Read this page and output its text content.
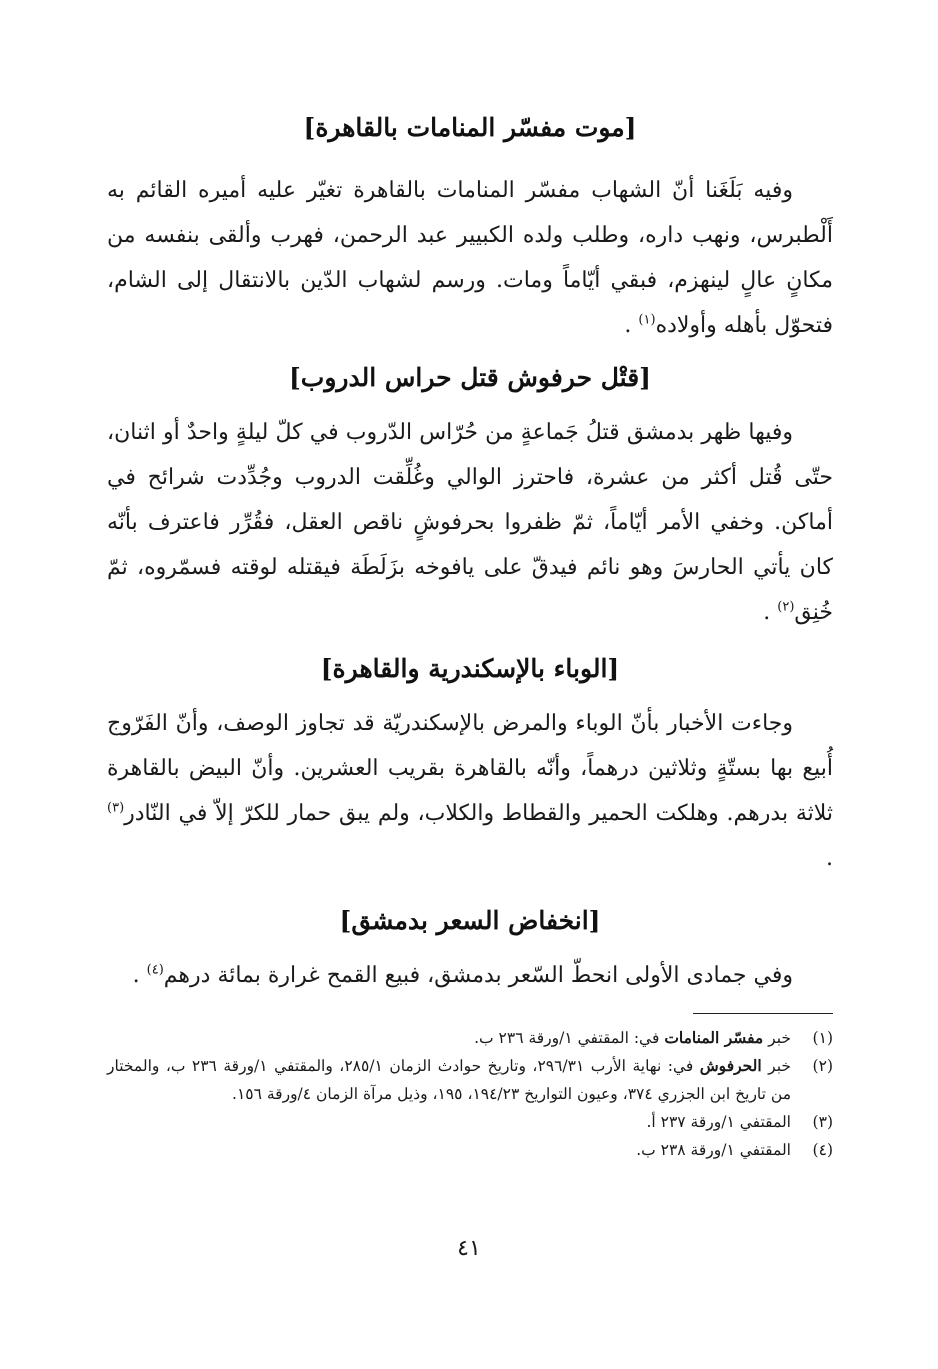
[موت مفسّر المنامات بالقاهرة]

وفيه بَلَغَنا أنّ الشهاب مفسّر المنامات بالقاهرة تغيّر عليه أميره القائم به أَلْطبرس، ونهب داره، وطلب ولده الكبيير عبد الرحمن، فهرب وألقى بنفسه من مكانٍ عالٍ لينهزم، فبقي أيّاماً ومات. ورسم لشهاب الدّين بالانتقال إلى الشام، فتحوّل بأهله وأولاده$^{(١)}$ .

[قتْل حرفوش قتل حراس الدروب]

وفيها ظهر بدمشق قتلُ جَماعةٍ من حُرّاس الدّروب في كلّ ليلةٍ واحدٌ أو اثنان، حتّى قُتل أكثر من عشرة، فاحترز الوالي وغُلِّقت الدروب وجُدِّدت شرائح في أماكن. وخفي الأمر أيّاماً، ثمّ ظفروا بحرفوشٍ ناقص العقل، فقُرِّر فاعترف بأنّه كان يأتي الحارسَ وهو نائم فيدقّ على يافوخه بزَلَطَة فيقتله لوقته فسمّروه، ثمّ خُنِق$^{(٢)}$ .

[الوباء بالإسكندرية والقاهرة]

وجاءت الأخبار بأنّ الوباء والمرض بالإسكندريّة قد تجاوز الوصف، وأنّ الفَرّوج أُبيع بها بستّةٍ وثلاثين درهماً، وأنّه بالقاهرة بقريب العشرين. وأنّ البيض بالقاهرة ثلاثة بدرهم. وهلكت الحمير والقطاط والكلاب، ولم يبق حمار للكرّ إلاّ في النّادر$^{(٣)}$ .

[انخفاض السعر بدمشق]

وفي جمادى الأولى انحطّ السّعر بدمشق، فبيع القمح غرارة بمائة درهم$^{(٤)}$ .

(١)
خبر مفسّر المنامات في: المقتفي ١/ورقة ٢٣٦ ب.
(٢)
خبر الحرفوش في: نهاية الأرب ٢٩٦/٣١، وتاريخ حوادث الزمان ٢٨٥/١، والمقتفي ١/ورقة ٢٣٦ ب، والمختار من تاريخ ابن الجزري ٣٧٤، وعيون التواريخ ١٩٤/٢٣، ١٩٥، وذيل مرآة الزمان ٤/ورقة ١٥٦.
(٣)
المقتفي ١/ورقة ٢٣٧ أ.
(٤)
المقتفي ١/ورقة ٢٣٨ ب.
٤١
